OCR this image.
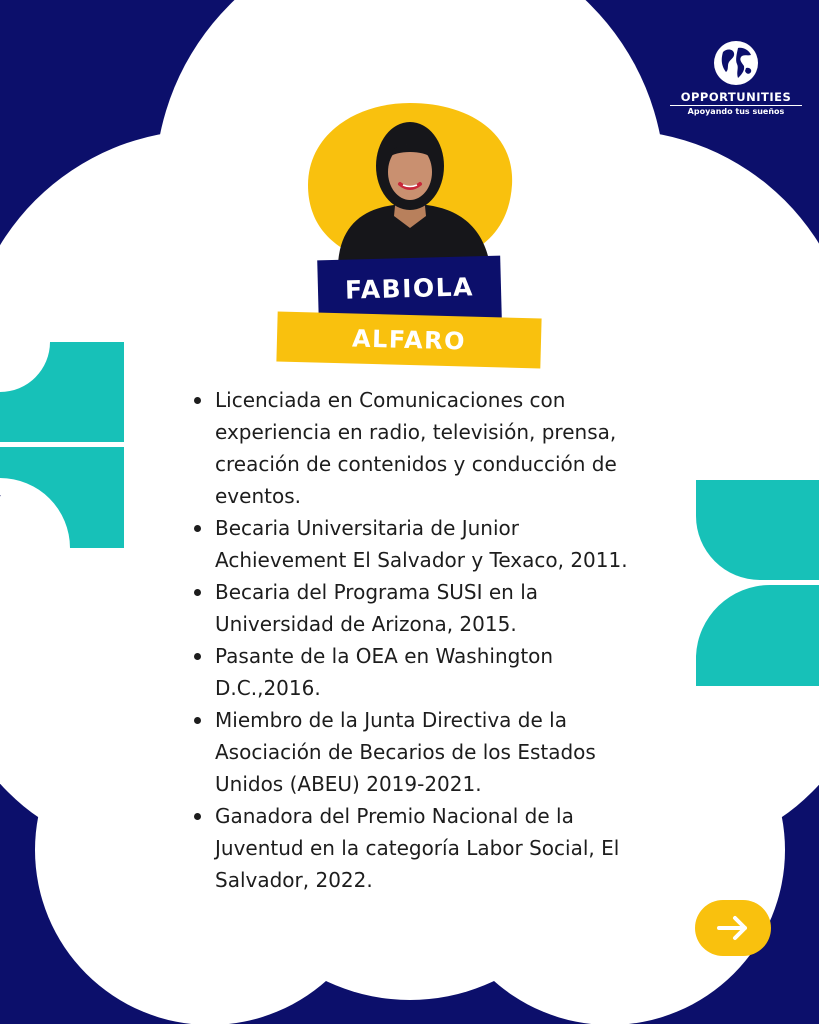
OPPORTUNITIES
Apoyando tus sueños
FABIOLA
ALFARO
Licenciada en Comunicaciones con experiencia en radio, televisión, prensa, creación de contenidos y conducción de eventos.
Becaria Universitaria de Junior Achievement El Salvador y Texaco, 2011.
Becaria del Programa SUSI en la Universidad de Arizona, 2015.
Pasante de la OEA en Washington D.C.,2016.
Miembro de la Junta Directiva de la Asociación de Becarios de los Estados Unidos (ABEU) 2019-2021.
Ganadora del Premio Nacional de la Juventud en la categoría Labor Social, El Salvador, 2022.
